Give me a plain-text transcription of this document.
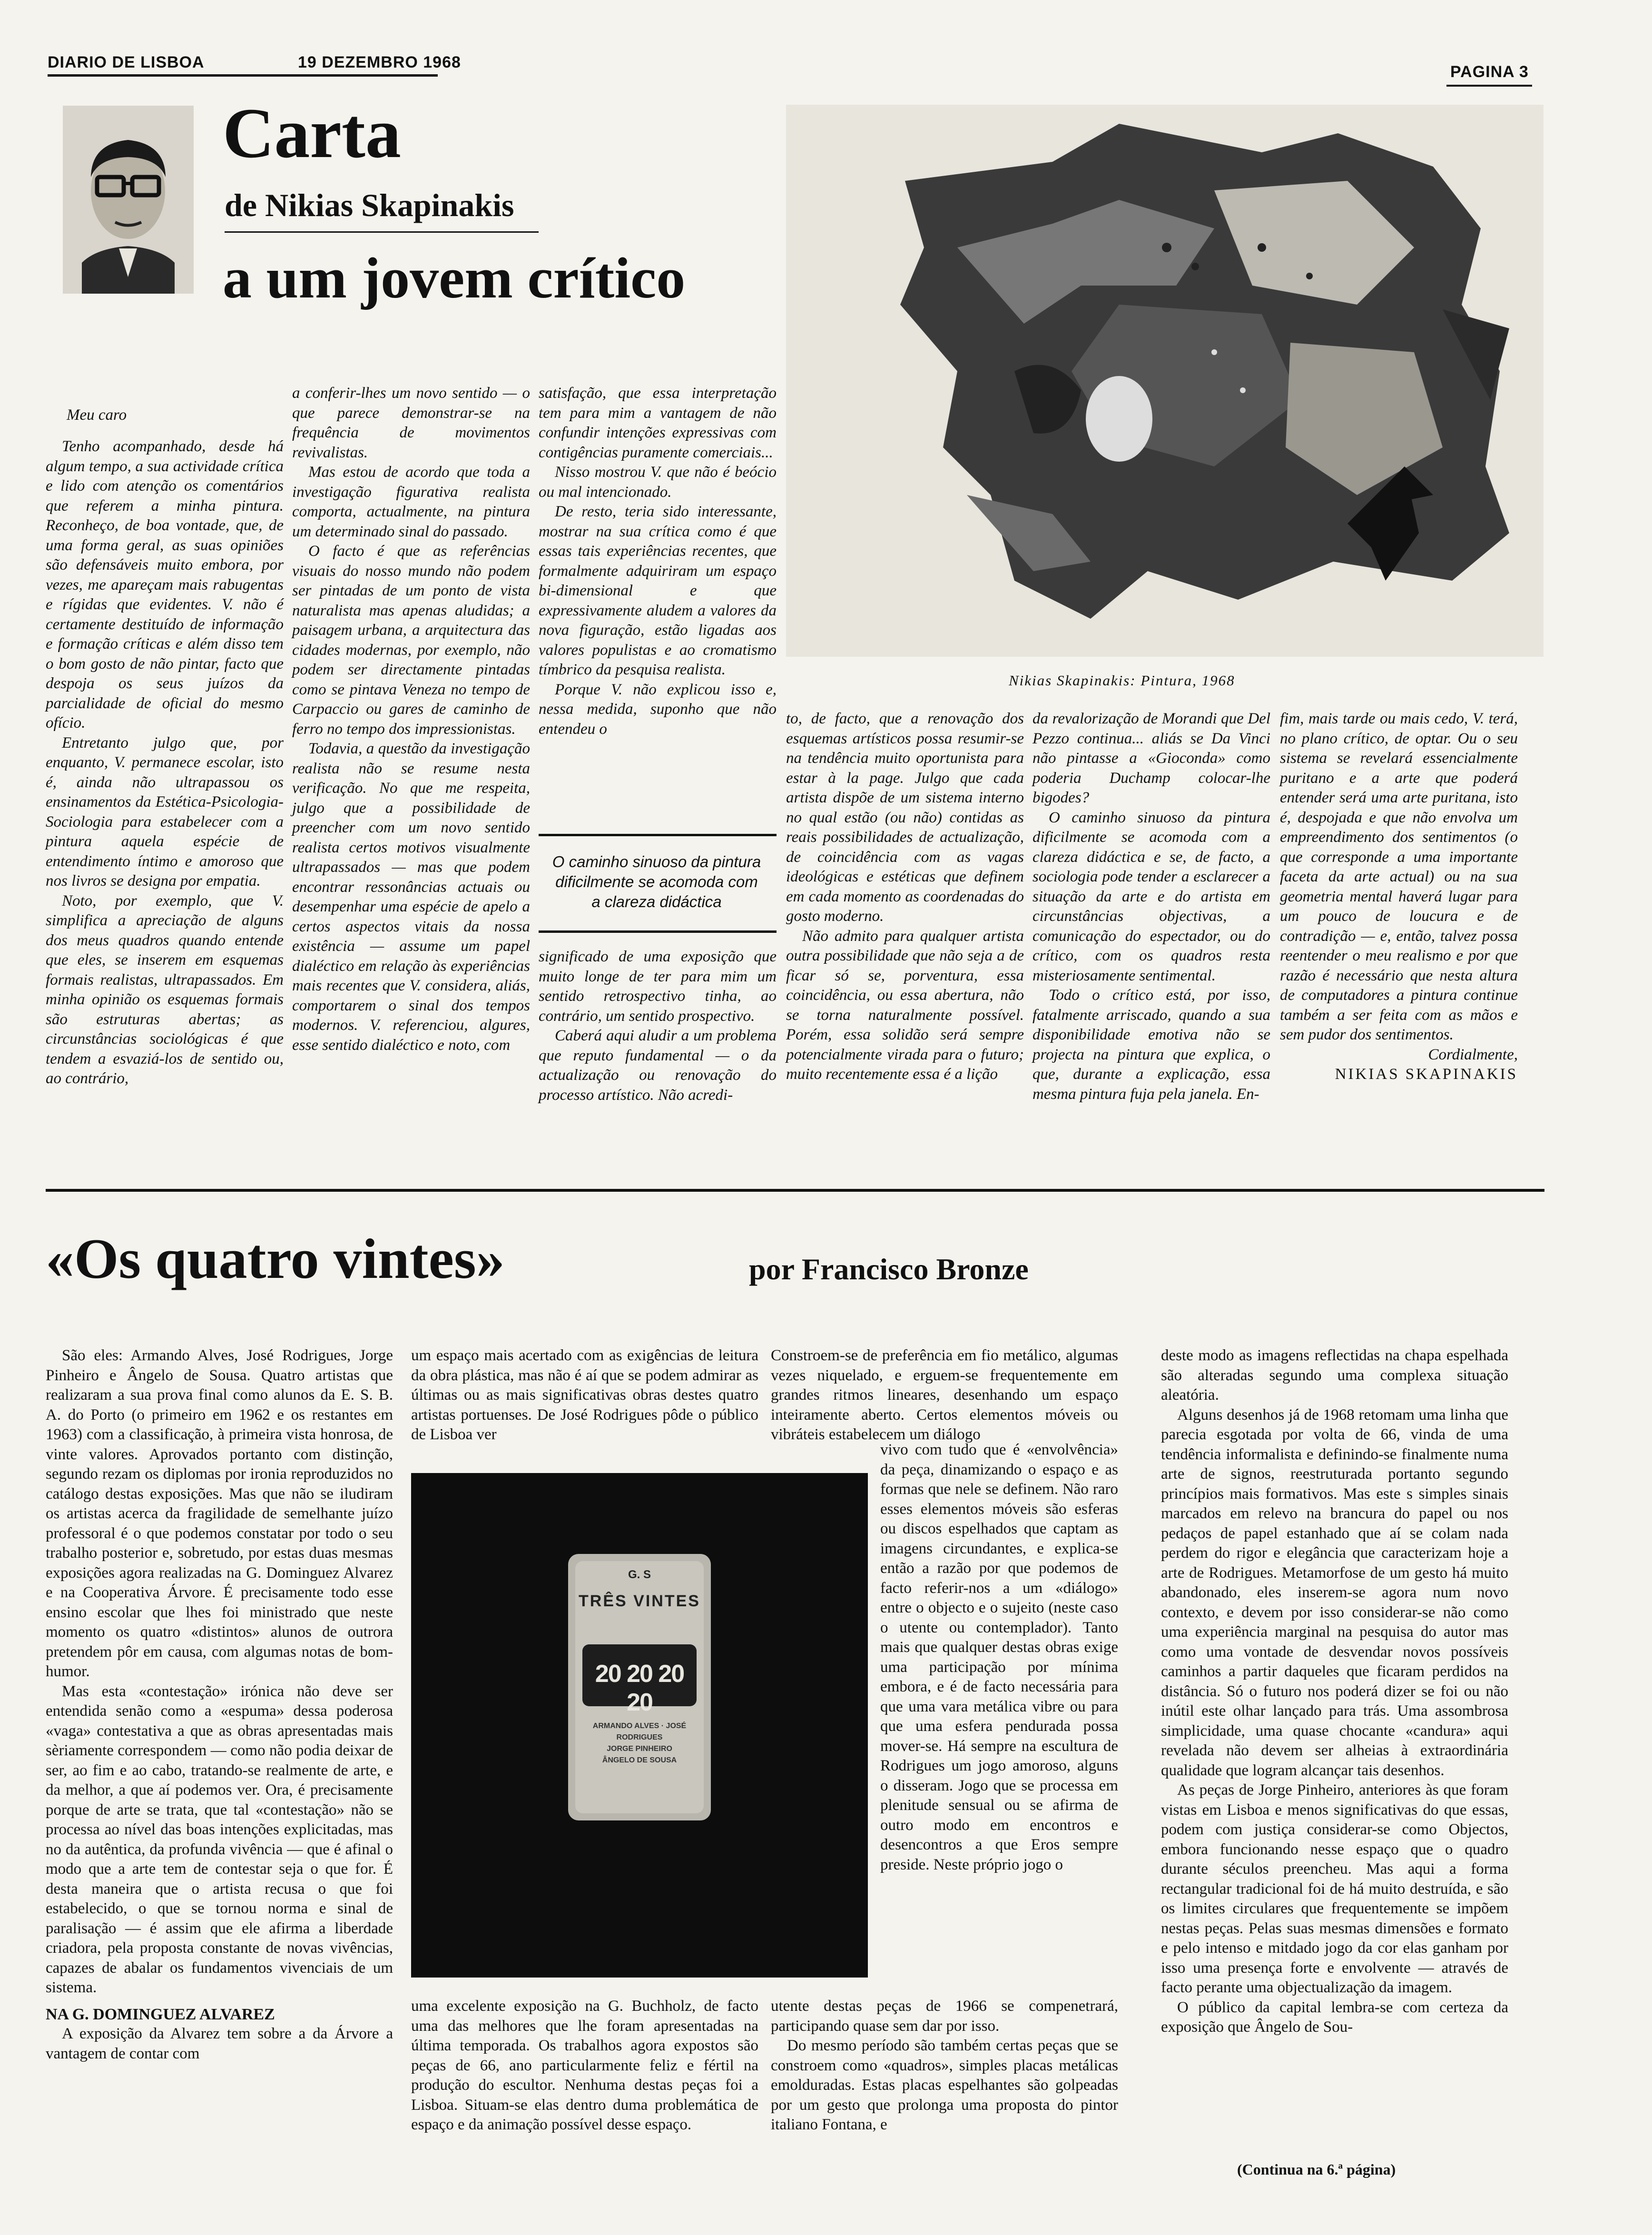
DIARIO DE LISBOA	19 DEZEMBRO 1968
PAGINA 3
Carta
de Nikias Skapinakis
a um jovem crítico
Meu caro

Tenho acompanhado, desde há algum tempo, a sua actividade crítica e lido com atenção os comentários que referem a minha pintura. Reconheço, de boa vontade, que, de uma forma geral, as suas opiniões são defensáveis muito embora, por vezes, me apareçam mais rabugentas e rígidas que evidentes. V. não é certamente destituído de informação e formação críticas e além disso tem o bom gosto de não pintar, facto que despoja os seus juízos da parcialidade de oficial do mesmo ofício.

Entretanto julgo que, por enquanto, V. permanece escolar, isto é, ainda não ultrapassou os ensinamentos da Estética-Psicologia-Sociologia para estabelecer com a pintura aquela espécie de entendimento íntimo e amoroso que nos livros se designa por empatia.

Noto, por exemplo, que V. simplifica a apreciação de alguns dos meus quadros quando entende que eles, se inserem em esquemas formais realistas, ultrapassados. Em minha opinião os esquemas formais são estruturas abertas; as circunstâncias sociológicas é que tendem a esvaziá-los de sentido ou, ao contrário,

a conferir-lhes um novo sentido — o que parece demonstrar-se na frequência de movimentos revivalistas.

Mas estou de acordo que toda a investigação figurativa realista comporta, actualmente, na pintura um determinado sinal do passado.

O facto é que as referências visuais do nosso mundo não podem ser pintadas de um ponto de vista naturalista mas apenas aludidas; a paisagem urbana, a arquitectura das cidades modernas, por exemplo, não podem ser directamente pintadas como se pintava Veneza no tempo de Carpaccio ou gares de caminho de ferro no tempo dos impressionistas.

Todavia, a questão da investigação realista não se resume nesta verificação. No que me respeita, julgo que a possibilidade de preencher com um novo sentido realista certos motivos visualmente ultrapassados — mas que podem encontrar ressonâncias actuais ou desempenhar uma espécie de apelo a certos aspectos vitais da nossa existência — assume um papel dialéctico em relação às experiências mais recentes que V. considera, aliás, comportarem o sinal dos tempos modernos. V. referenciou, algures, esse sentido dialéctico e noto, com

satisfação, que essa interpretação tem para mim a vantagem de não confundir intenções expressivas com contigências puramente comerciais...

Nisso mostrou V. que não é beócio ou mal intencionado.

De resto, teria sido interessante, mostrar na sua crítica como é que essas tais experiências recentes, que formalmente adquiriram um espaço bi-dimensional e que expressivamente aludem a valores da nova figuração, estão ligadas aos valores populistas e ao cromatismo tímbrico da pesquisa realista.

Porque V. não explicou isso e, nessa medida, suponho que não entendeu o

O caminho sinuoso da pintura dificilmente se acomoda com a clareza didáctica

significado de uma exposição que muito longe de ter para mim um sentido retrospectivo tinha, ao contrário, um sentido prospectivo.

Caberá aqui aludir a um problema que reputo fundamental — o da actualização ou renovação do processo artístico. Não acredi-

Nikias Skapinakis: Pintura, 1968

to, de facto, que a renovação dos esquemas artísticos possa resumir-se na tendência muito oportunista para estar à la page. Julgo que cada artista dispõe de um sistema interno no qual estão (ou não) contidas as reais possibilidades de actualização, de coincidência com as vagas ideológicas e estéticas que definem em cada momento as coordenadas do gosto moderno.

Não admito para qualquer artista outra possibilidade que não seja a de ficar só se, porventura, essa coincidência, ou essa abertura, não se torna naturalmente possível. Porém, essa solidão será sempre potencialmente virada para o futuro; muito recentemente essa é a lição

da revalorização de Morandi que Del Pezzo continua... aliás se Da Vinci não pintasse a «Gioconda» como poderia Duchamp colocar-lhe bigodes?

O caminho sinuoso da pintura dificilmente se acomoda com a clareza didáctica e se, de facto, a sociologia pode tender a esclarecer a situação da arte e do artista em circunstâncias objectivas, a comunicação do espectador, ou do crítico, com os quadros resta misteriosamente sentimental.

Todo o crítico está, por isso, fatalmente arriscado, quando a sua disponibilidade emotiva não se projecta na pintura que explica, o que, durante a explicação, essa mesma pintura fuja pela janela. En-

fim, mais tarde ou mais cedo, V. terá, no plano crítico, de optar. Ou o seu sistema se revelará essencialmente puritano e a arte que poderá entender será uma arte puritana, isto é, despojada e que não envolva um empreendimento dos sentimentos (o que corresponde a uma importante faceta da arte actual) ou na sua geometria mental haverá lugar para um pouco de loucura e de contradição — e, então, talvez possa reentender o meu realismo e por que razão é necessário que nesta altura de computadores a pintura continue também a ser feita com as mãos e sem pudor dos sentimentos.

Cordialmente,

NIKIAS SKAPINAKIS

«Os quatro vintes»	por Francisco Bronze

São eles: Armando Alves, José Rodrigues, Jorge Pinheiro e Ângelo de Sousa. Quatro artistas que realizaram a sua prova final como alunos da E. S. B. A. do Porto (o primeiro em 1962 e os restantes em 1963) com a classificação, à primeira vista honrosa, de vinte valores. Aprovados portanto com distinção, segundo rezam os diplomas por ironia reproduzidos no catálogo destas exposições. Mas que não se iludiram os artistas acerca da fragilidade de semelhante juízo professoral é o que podemos constatar por todo o seu trabalho posterior e, sobretudo, por estas duas mesmas exposições agora realizadas na G. Dominguez Alvarez e na Cooperativa Árvore. É precisamente todo esse ensino escolar que lhes foi ministrado que neste momento os quatro «distintos» alunos de outrora pretendem pôr em causa, com algumas notas de bom-humor.

Mas esta «contestação» irónica não deve ser entendida senão como a «espuma» dessa poderosa «vaga» contestativa a que as obras apresentadas mais sèriamente correspondem — como não podia deixar de ser, ao fim e ao cabo, tratando-se realmente de arte, e da melhor, a que aí podemos ver. Ora, é precisamente porque de arte se trata, que tal «contestação» não se processa ao nível das boas intenções explicitadas, mas no da autêntica, da profunda vivência — que é afinal o modo que a arte tem de contestar seja o que for. É desta maneira que o artista recusa o que foi estabelecido, o que se tornou norma e sinal de paralisação — é assim que ele afirma a liberdade criadora, pela proposta constante de novas vivências, capazes de abalar os fundamentos vivenciais de um sistema.

NA G. DOMINGUEZ ALVAREZ

A exposição da Alvarez tem sobre a da Árvore a vantagem de contar com

um espaço mais acertado com as exigências de leitura da obra plástica, mas não é aí que se podem admirar as últimas ou as mais significativas obras destes quatro artistas portuenses. De José Rodrigues pôde o público de Lisboa ver

G. S
TRÊS VINTES
20 20 20 20
ARMANDO ALVES · JOSÉ RODRIGUES
JORGE PINHEIRO
ÂNGELO DE SOUSA

uma excelente exposição na G. Buchholz, de facto uma das melhores que lhe foram apresentadas na última temporada. Os trabalhos agora expostos são peças de 66, ano particularmente feliz e fértil na produção do escultor. Nenhuma destas peças foi a Lisboa. Situam-se elas dentro duma problemática de espaço e da animação possível desse espaço.

Constroem-se de preferência em fio metálico, algumas vezes niquelado, e erguem-se frequentemente em grandes ritmos lineares, desenhando um espaço inteiramente aberto. Certos elementos móveis ou vibráteis estabelecem um diálogo

vivo com tudo que é «envolvência» da peça, dinamizando o espaço e as formas que nele se definem. Não raro esses elementos móveis são esferas ou discos espelhados que captam as imagens circundantes, e explica-se então a razão por que podemos de facto referir-nos a um «diálogo» entre o objecto e o sujeito (neste caso o utente ou contemplador). Tanto mais que qualquer destas obras exige uma participação por mínima embora, e é de facto necessária para que uma vara metálica vibre ou para que uma esfera pendurada possa mover-se. Há sempre na escultura de Rodrigues um jogo amoroso, alguns o disseram. Jogo que se processa em plenitude sensual ou se afirma de outro modo em encontros e desencontros a que Eros sempre preside. Neste próprio jogo o

utente destas peças de 1966 se compenetrará, participando quase sem dar por isso.

Do mesmo período são também certas peças que se constroem como «quadros», simples placas metálicas emolduradas. Estas placas espelhantes são golpeadas por um gesto que prolonga uma proposta do pintor italiano Fontana, e

deste modo as imagens reflectidas na chapa espelhada são alteradas segundo uma complexa situação aleatória.

Alguns desenhos já de 1968 retomam uma linha que parecia esgotada por volta de 66, vinda de uma tendência informalista e definindo-se finalmente numa arte de signos, reestruturada portanto segundo princípios mais formativos. Mas este s simples sinais marcados em relevo na brancura do papel ou nos pedaços de papel estanhado que aí se colam nada perdem do rigor e elegância que caracterizam hoje a arte de Rodrigues. Metamorfose de um gesto há muito abandonado, eles inserem-se agora num novo contexto, e devem por isso considerar-se não como uma experiência marginal na pesquisa do autor mas como uma vontade de desvendar novos possíveis caminhos a partir daqueles que ficaram perdidos na distância. Só o futuro nos poderá dizer se foi ou não inútil este olhar lançado para trás. Uma assombrosa simplicidade, uma quase chocante «candura» aqui revelada não devem ser alheias à extraordinária qualidade que logram alcançar tais desenhos.

As peças de Jorge Pinheiro, anteriores às que foram vistas em Lisboa e menos significativas do que essas, podem com justiça considerar-se como Objectos, embora funcionando nesse espaço que o quadro durante séculos preencheu. Mas aqui a forma rectangular tradicional foi de há muito destruída, e são os limites circulares que frequentemente se impõem nestas peças. Pelas suas mesmas dimensões e formato e pelo intenso e mitdado jogo da cor elas ganham por isso uma presença forte e envolvente — através de facto perante uma objectualização da imagem.

O público da capital lembra-se com certeza da exposição que Ângelo de Sou-

(Continua na 6.ª página)
